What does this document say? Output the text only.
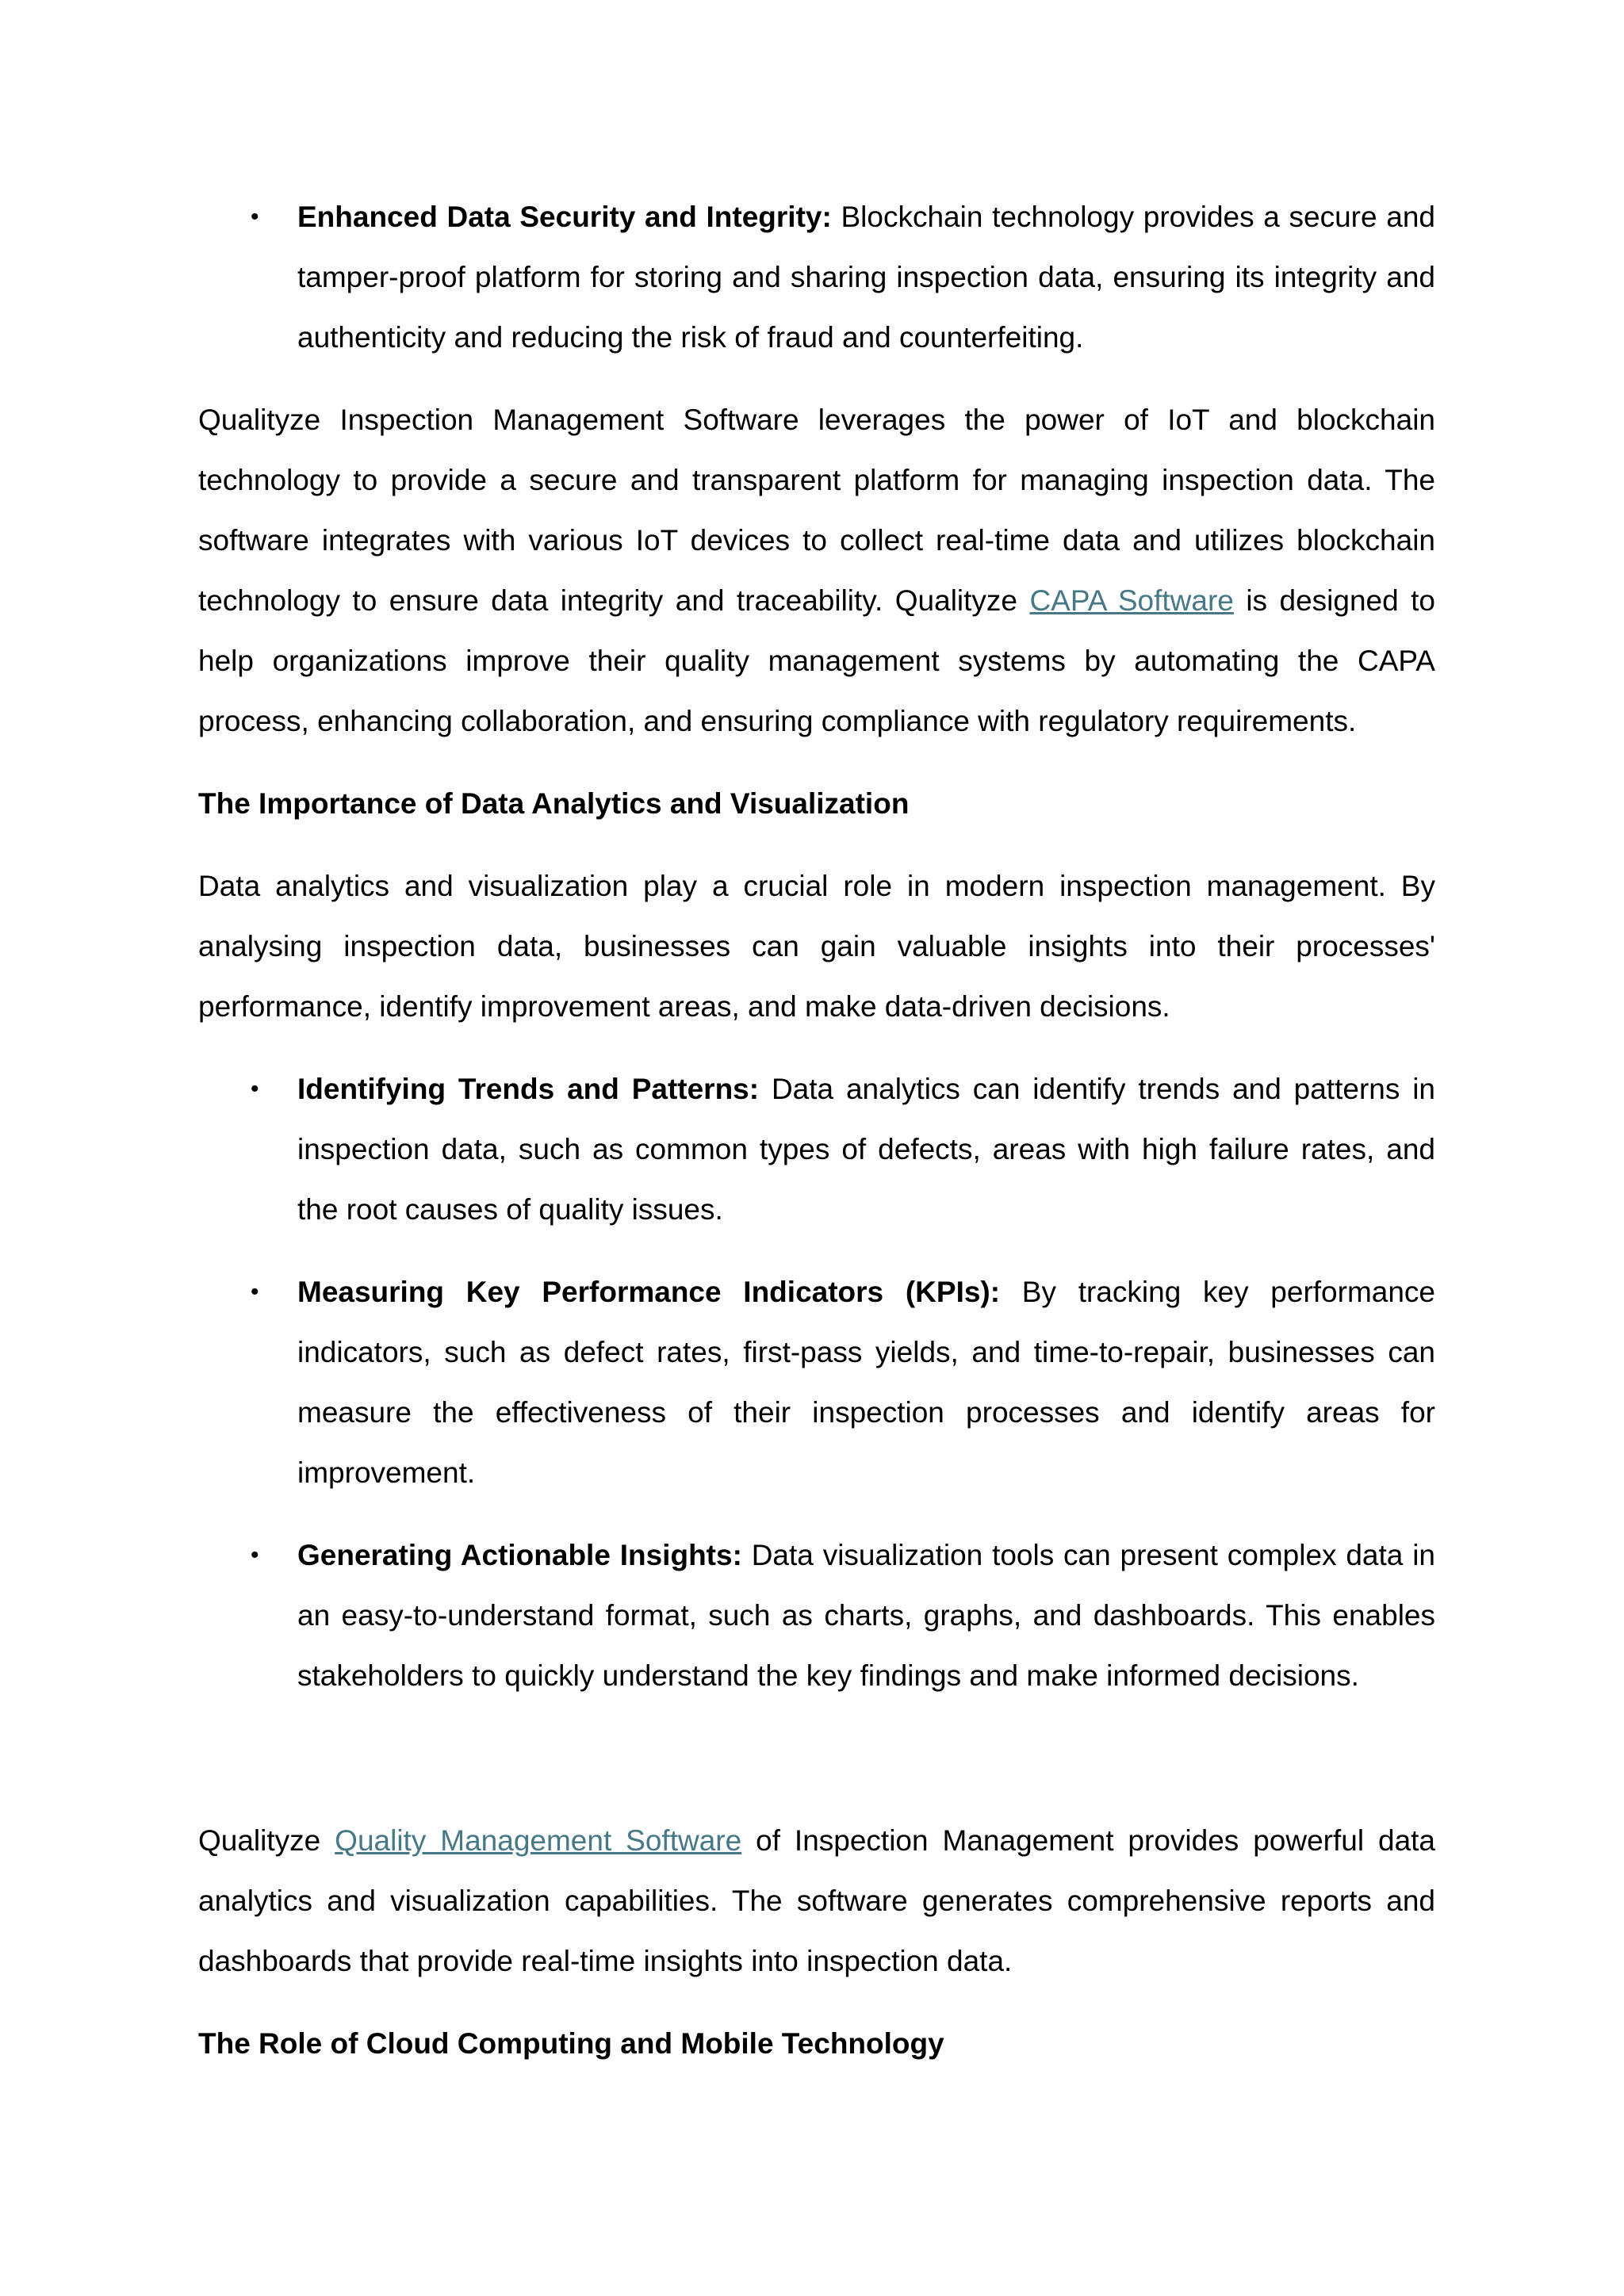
• Enhanced Data Security and Integrity: Blockchain technology provides a secure and tamper-proof platform for storing and sharing inspection data, ensuring its integrity and authenticity and reducing the risk of fraud and counterfeiting.

Qualityze Inspection Management Software leverages the power of IoT and blockchain technology to provide a secure and transparent platform for managing inspection data. The software integrates with various IoT devices to collect real-time data and utilizes blockchain technology to ensure data integrity and traceability. Qualityze CAPA Software is designed to help organizations improve their quality management systems by automating the CAPA process, enhancing collaboration, and ensuring compliance with regulatory requirements.

The Importance of Data Analytics and Visualization

Data analytics and visualization play a crucial role in modern inspection management. By analysing inspection data, businesses can gain valuable insights into their processes' performance, identify improvement areas, and make data-driven decisions.

• Identifying Trends and Patterns: Data analytics can identify trends and patterns in inspection data, such as common types of defects, areas with high failure rates, and the root causes of quality issues.
• Measuring Key Performance Indicators (KPIs): By tracking key performance indicators, such as defect rates, first-pass yields, and time-to-repair, businesses can measure the effectiveness of their inspection processes and identify areas for improvement.
• Generating Actionable Insights: Data visualization tools can present complex data in an easy-to-understand format, such as charts, graphs, and dashboards. This enables stakeholders to quickly understand the key findings and make informed decisions.

Qualityze Quality Management Software of Inspection Management provides powerful data analytics and visualization capabilities. The software generates comprehensive reports and dashboards that provide real-time insights into inspection data.

The Role of Cloud Computing and Mobile Technology
